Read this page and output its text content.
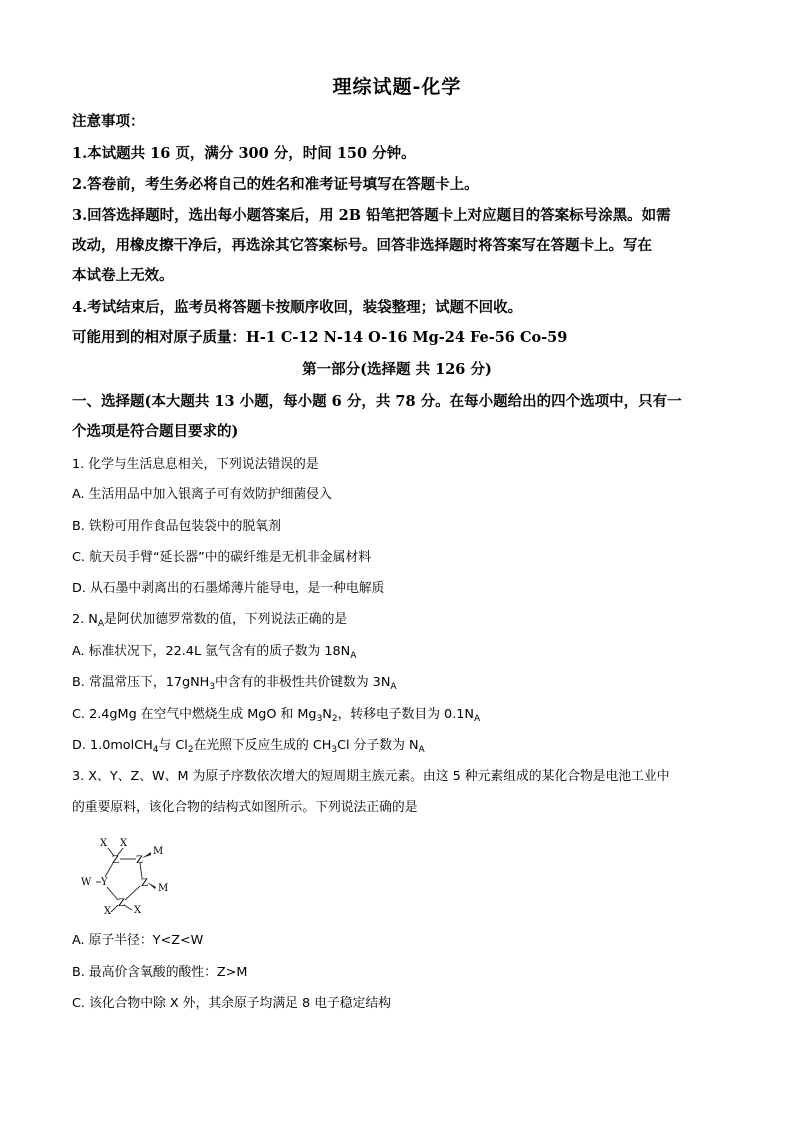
理综试题-化学
注意事项：
1.本试题共 16 页，满分 300 分，时间 150 分钟。
2.答卷前，考生务必将自己的姓名和准考证号填写在答题卡上。
3.回答选择题时，选出每小题答案后，用 2B 铅笔把答题卡上对应题目的答案标号涂黑。如需
改动，用橡皮擦干净后，再选涂其它答案标号。回答非选择题时将答案写在答题卡上。写在
本试卷上无效。
4.考试结束后，监考员将答题卡按顺序收回，装袋整理；试题不回收。
可能用到的相对原子质量：H-1 C-12 N-14 O-16 Mg-24 Fe-56 Co-59
第一部分(选择题 共 126 分)
一、选择题(本大题共 13 小题，每小题 6 分，共 78 分。在每小题给出的四个选项中，只有一
个选项是符合题目要求的)
1. 化学与生活息息相关，下列说法错误的是
A. 生活用品中加入银离子可有效防护细菌侵入
B. 铁粉可用作食品包装袋中的脱氧剂
C. 航天员手臂“延长器”中的碳纤维是无机非金属材料
D. 从石墨中剥离出的石墨烯薄片能导电，是一种电解质
2. $N_A$是阿伏加德罗常数的值，下列说法正确的是
A. 标准状况下，22.4L 氩气含有的质子数为 $18N_A$
B. 常温常压下，17gNH$_3$中含有的非极性共价键数为 $3N_A$
C. 2.4gMg 在空气中燃烧生成 MgO 和 $Mg_3N_2$，转移电子数目为 $0.1N_A$
D. 1.0molCH$_4$与 $Cl_2$在光照下反应生成的 $CH_3Cl$ 分子数为 $N_A$
3. X、Y、Z、W、M 为原子序数依次增大的短周期主族元素。由这 5 种元素组成的某化合物是电池工业中
的重要原料，该化合物的结构式如图所示。下列说法正确的是
X X
Z Z
M
W Y	Z M
Z
X X
A. 原子半径：Y<Z<W
B. 最高价含氧酸的酸性：Z>M
C. 该化合物中除 X 外，其余原子均满足 8 电子稳定结构
